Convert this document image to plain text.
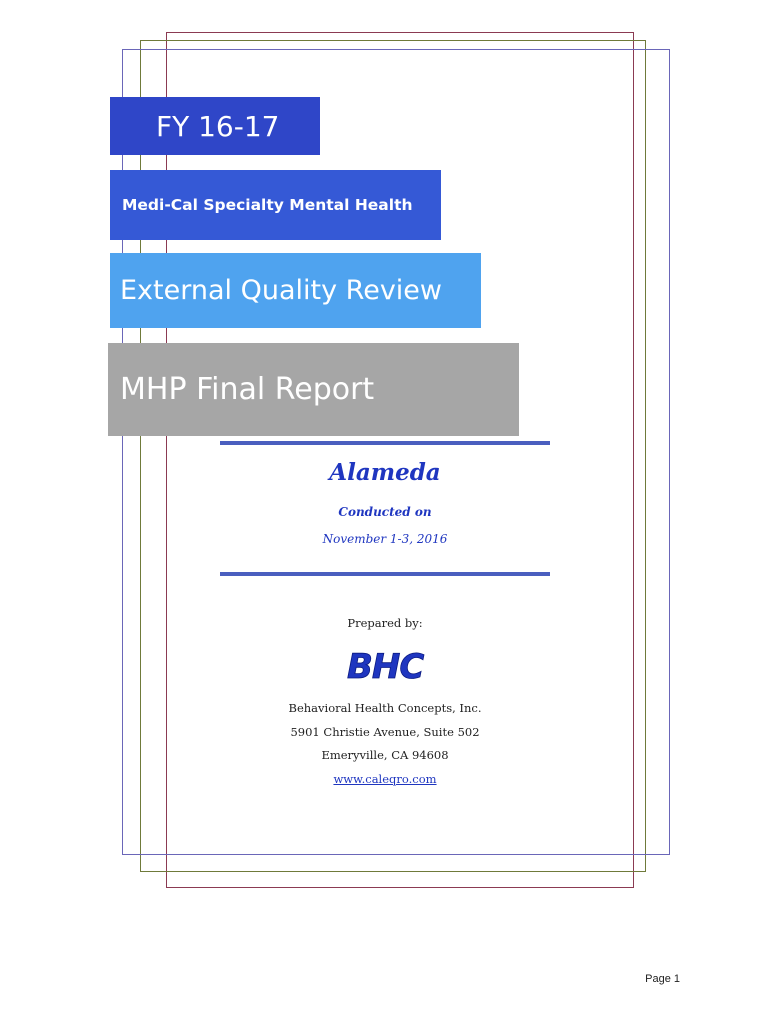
FY 16-17
Medi-Cal Specialty Mental Health
External Quality Review
MHP Final Report
Alameda
Conducted on
November 1-3, 2016
Prepared by:
BHC
Behavioral Health Concepts, Inc.
5901 Christie Avenue, Suite 502
Emeryville, CA 94608
www.caleqro.com
Page 1
